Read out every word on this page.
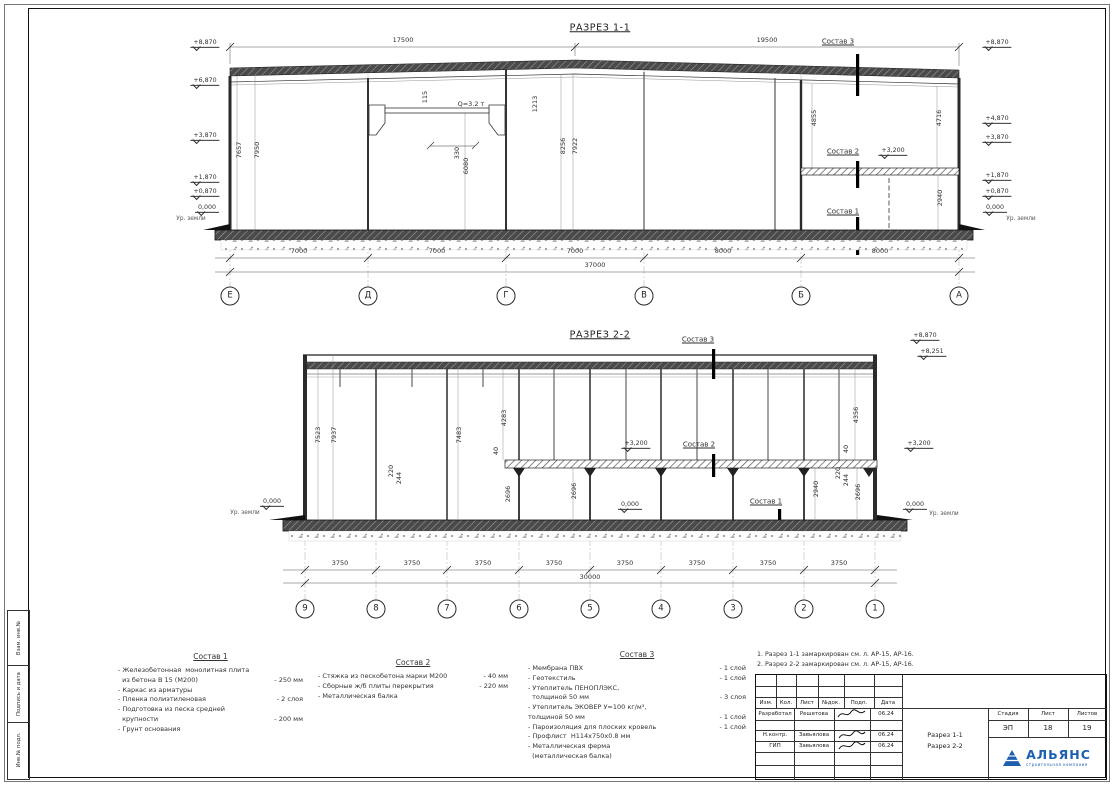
Взам. инв.№
Подпись и дата
Инв.№ подл.
РАЗРЕЗ 1-1
17500	19500	Состав 3
+8,870
+6,870
+3,870
+1,870
+0,870
0,000
Ур. земли
+8,870
+4,870
+3,870
+1,870
+0,870
0,000
Ур. земли
7657 7950
115
Q=3.2 т
330
1213
6080
8256 7922
4855	4716
Состав 2	+3,200
2940
Состав 1
7000	7000	7000	8000	8000
37000
Е	Д	Г	В	Б	А
РАЗРЕЗ 2-2	Состав 3
+8,870
+8,251
7523 7937	7483
4283
40
+3,200	Состав 2	+3,200
4356
40
220
244	220
244
2696	2696	2696
2940
Состав 1
0,000
0,000
Ур. земли
0,000
Ур. земли
3750	3750	3750	3750	3750	3750	3750	3750
30000
9	8	7	6	5	4	3	2	1
Состав 1
- Железобетонная  монолитная плита
из бетона В 15 (М200)	- 250 мм
- Каркас из арматуры
- Пленка полиэтиленовая	- 2 слоя
- Подготовка из песка средней
крупности	- 200 мм
- Грунт основания
Состав 2
- Стяжка из пескобетона марки М200	- 40 мм
- Сборные ж/б плиты перекрытия	- 220 мм
- Металлическая балка
Состав 3
- Мембрана ПВХ	- 1 слой
- Геотекстиль	- 1 слой
- Утеплитель ПЕНОПЛЭКС,
толщиной 50 мм	- 3 слоя
- Утеплитель ЭКОВЕР У=100 кг/м³,
толщиной 50 мм	- 1 слой
- Пароизоляция для плоских кровель	- 1 слой
- Профлист  Н114х750х0.8 мм
- Металлическая ферма
(металлическая балка)
1. Разрез 1-1 замаркирован см. л. АР-15, АР-16.
2. Разрез 2-2 замаркирован см. л. АР-15, АР-16.
Изм. Кол. Лист №док. Подп. Дата
Разработал Решетова	06.24
Н.контр. Завьялова	06.24
ГИП	Завьялова	06.24
Разрез 1-1
Разрез 2-2
Стадия	Лист	Листов
ЭП	18	19
АЛЬЯНС
строительная компания
